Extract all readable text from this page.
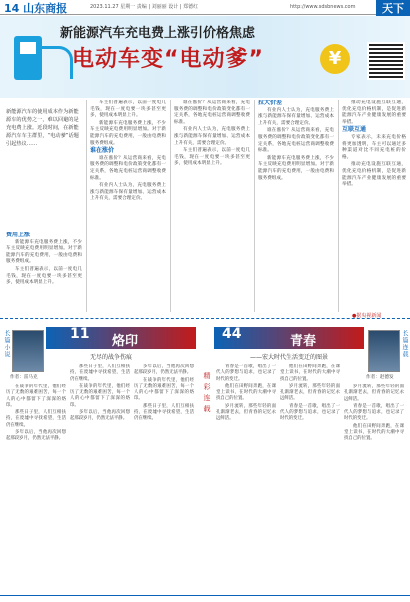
14 山东商报	2023.11.27 星期一 责编 | 刘丽丽 设计 | 郑德红	http://www.sdsbnews.com	天下
¥
新能源汽车充电费上涨引价格焦虑
电动车变“电动爹”
新能源汽车的使用成本作为新能源车的优势之一，难以回避的是充电费上涨。近段时间，在新能源汽车车主群里，“电动爹”话题引起热议……

费用上涨

新能源车充电服务费上涨，不少车主反映充电费用明显增加。对于新能源汽车的充电费用，一般由电费和服务费组成。

车主们普遍表示，以前一度电几毛钱，现在一度电要一块多甚至更多，使用成本明显上升。

车主们普遍表示，以前一度电几毛钱，现在一度电要一块多甚至更多，使用成本明显上升。

新能源车充电服务费上涨，不少车主反映充电费用明显增加。对于新能源汽车的充电费用，一般由电费和服务费组成。

谁在涨价

谁在涨价？从运营商来看，充电服务费的调整和电价政策变化都有一定关系，各地充电桩运营商调整收费标准。

有业内人士认为，充电服务费上涨与新能源车保有量增加、运营成本上升有关，需要合理定价。

谁在涨价？从运营商来看，充电服务费的调整和电价政策变化都有一定关系，各地充电桩运营商调整收费标准。

有业内人士认为，充电服务费上涨与新能源车保有量增加、运营成本上升有关，需要合理定价。

车主们普遍表示，以前一度电几毛钱，现在一度电要一块多甚至更多，使用成本明显上升。

拉大价差

有业内人士认为，充电服务费上涨与新能源车保有量增加、运营成本上升有关，需要合理定价。

谁在涨价？从运营商来看，充电服务费的调整和电价政策变化都有一定关系，各地充电桩运营商调整收费标准。

新能源车充电服务费上涨，不少车主反映充电费用明显增加。对于新能源汽车的充电费用，一般由电费和服务费组成。

推动充电设施互联互通，优化充电价格机制，是促进新能源汽车产业健康发展的重要举措。

互联互通

专家表示，未来充电价格将更加透明，车主可以通过多种渠道对比不同充电桩的价格。

推动充电设施互联互通，优化充电价格机制，是促进新能源汽车产业健康发展的重要举措。

●据央视新闻
长篇小说
作者：雷马克
11 烙印
无尽的战争伤痕

在战争的年代里，他们经历了无数的艰难困苦，每一个人的心中都留下了深深的烙印。

那些日子里，人们互相扶持，在废墟中寻找希望，生活仍在继续。

多年以后，当他再次回想起那段岁月，仍然无法平静。

那些日子里，人们互相扶持，在废墟中寻找希望，生活仍在继续。

在战争的年代里，他们经历了无数的艰难困苦，每一个人的心中都留下了深深的烙印。

多年以后，当他再次回想起那段岁月，仍然无法平静。

多年以后，当他再次回想起那段岁月，仍然无法平静。

在战争的年代里，他们经历了无数的艰难困苦，每一个人的心中都留下了深深的烙印。

那些日子里，人们互相扶持，在废墟中寻找希望，生活仍在继续。

精彩连载
44	青春
——宏大时代生活变迁的图景	长篇连载
作者：赵德发

青春是一首歌，唱出了一代人的梦想与追求，也记录了时代的变迁。

他们在田野间奔跑，在课堂上读书，在时代的大潮中寻找自己的位置。

岁月流转，那些年轻的面孔渐渐老去，但青春的记忆永远鲜活。

他们在田野间奔跑，在课堂上读书，在时代的大潮中寻找自己的位置。

岁月流转，那些年轻的面孔渐渐老去，但青春的记忆永远鲜活。

青春是一首歌，唱出了一代人的梦想与追求，也记录了时代的变迁。

岁月流转，那些年轻的面孔渐渐老去，但青春的记忆永远鲜活。

青春是一首歌，唱出了一代人的梦想与追求，也记录了时代的变迁。

他们在田野间奔跑，在课堂上读书，在时代的大潮中寻找自己的位置。
